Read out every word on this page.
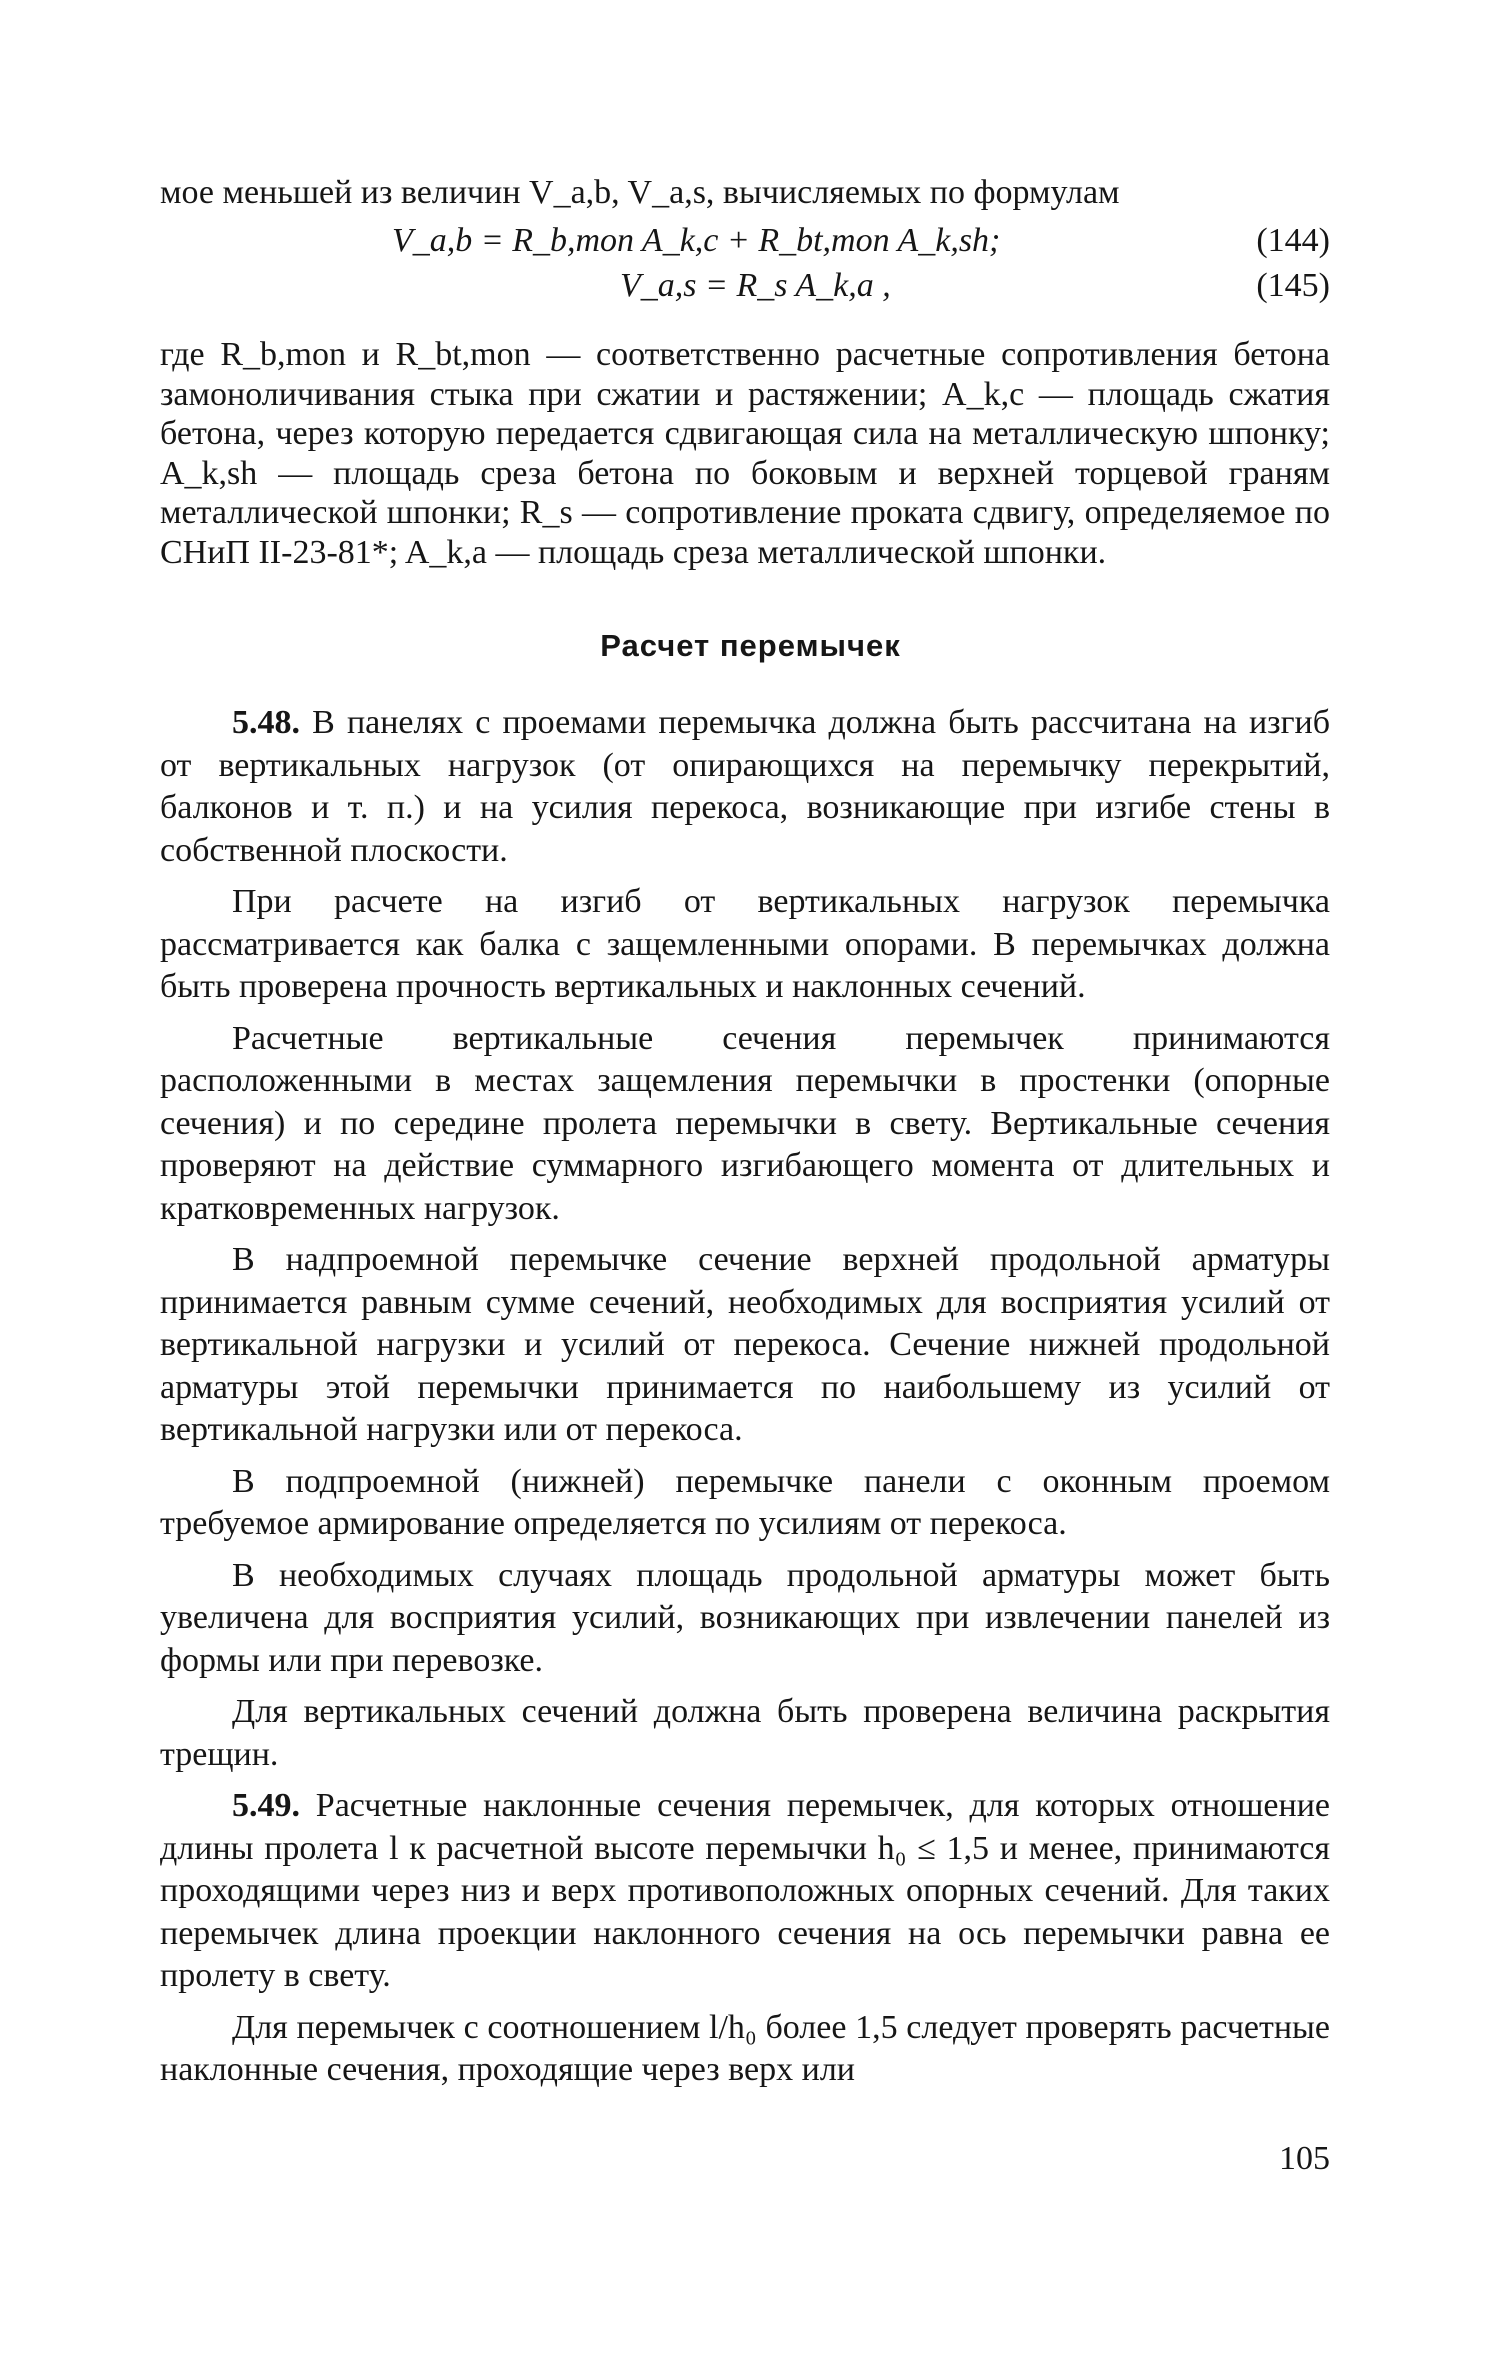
мое меньшей из величин V_a,b, V_a,s, вычисляемых по формулам

V_a,b = R_b,mon A_k,c + R_bt,mon A_k,sh;	(144)
V_a,s = R_s A_k,a ,	(145)

где R_b,mon и R_bt,mon — соответственно расчетные сопротивления бетона замоноличивания стыка при сжатии и растяжении; A_k,c — площадь сжатия бетона, через которую передается сдвигающая сила на металлическую шпонку; A_k,sh — площадь среза бетона по боковым и верхней торцевой граням металлической шпонки; R_s — сопротивление проката сдвигу, определяемое по СНиП II-23-81*; A_k,a — площадь среза металлической шпонки.

Расчет перемычек

5.48. В панелях с проемами перемычка должна быть рассчитана на изгиб от вертикальных нагрузок (от опирающихся на перемычку перекрытий, балконов и т. п.) и на усилия перекоса, возникающие при изгибе стены в собственной плоскости.

При расчете на изгиб от вертикальных нагрузок перемычка рассматривается как балка с защемленными опорами. В перемычках должна быть проверена прочность вертикальных и наклонных сечений.

Расчетные вертикальные сечения перемычек принимаются расположенными в местах защемления перемычки в простенки (опорные сечения) и по середине пролета перемычки в свету. Вертикальные сечения проверяют на действие суммарного изгибающего момента от длительных и кратковременных нагрузок.

В надпроемной перемычке сечение верхней продольной арматуры принимается равным сумме сечений, необходимых для восприятия усилий от вертикальной нагрузки и усилий от перекоса. Сечение нижней продольной арматуры этой перемычки принимается по наибольшему из усилий от вертикальной нагрузки или от перекоса.

В подпроемной (нижней) перемычке панели с оконным проемом требуемое армирование определяется по усилиям от перекоса.

В необходимых случаях площадь продольной арматуры может быть увеличена для восприятия усилий, возникающих при извлечении панелей из формы или при перевозке.

Для вертикальных сечений должна быть проверена величина раскрытия трещин.

5.49. Расчетные наклонные сечения перемычек, для которых отношение длины пролета l к расчетной высоте перемычки h₀ ≤ 1,5 и менее, принимаются проходящими через низ и верх противоположных опорных сечений. Для таких перемычек длина проекции наклонного сечения на ось перемычки равна ее пролету в свету.

Для перемычек с соотношением l/h₀ более 1,5 следует проверять расчетные наклонные сечения, проходящие через верх или

105
